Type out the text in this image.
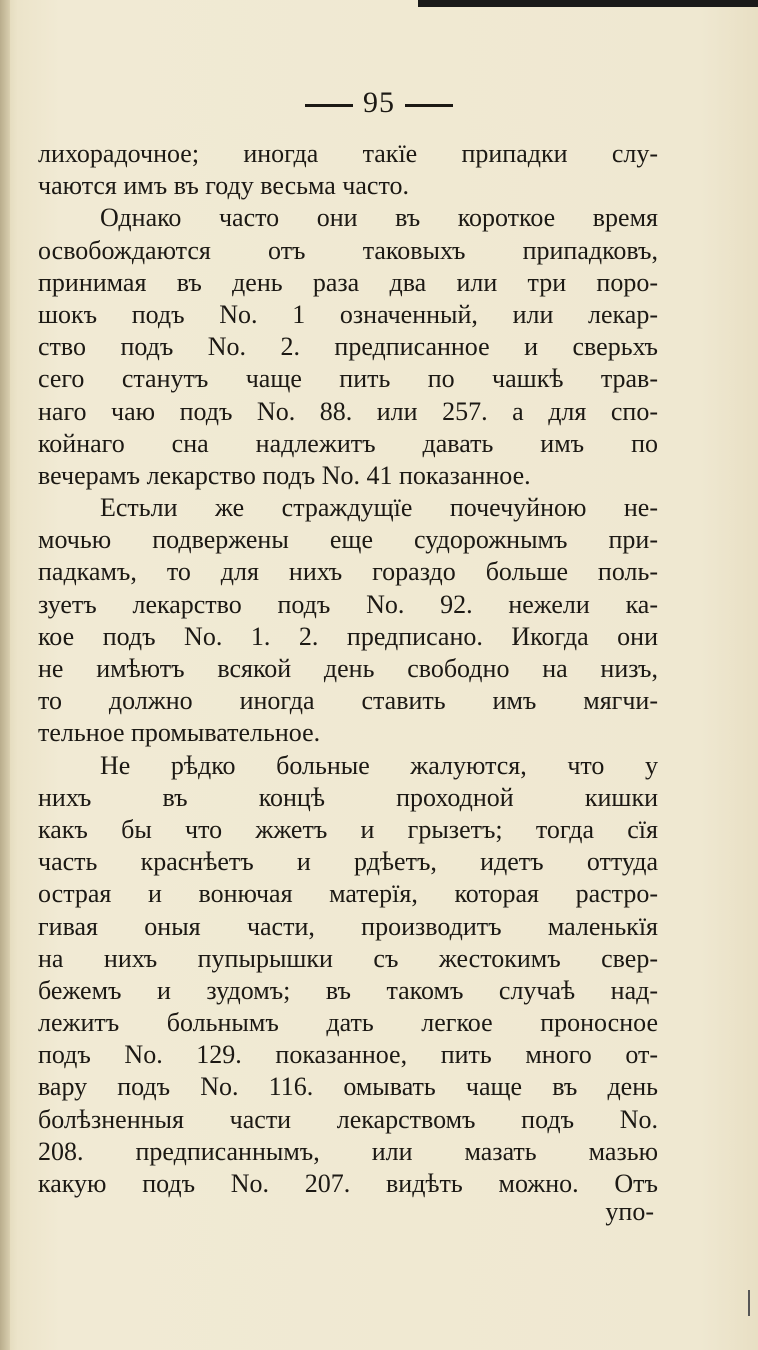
95
лихорадочное; иногда такїе припадки слу-
чаются имъ въ году весьма часто.
Однако часто они въ короткое время
освобождаются отъ таковыхъ припадковъ,
принимая въ день раза два или три поро-
шокъ подъ No. 1 означенный, или лекар-
ство подъ No. 2. предписанное и сверьхъ
сего станутъ чаще пить по чашкѣ трав-
наго чаю подъ No. 88. или 257. а для спо-
койнаго сна надлежитъ давать имъ по
вечерамъ лекарство подъ No. 41 показанное.
Естьли же страждущїе почечуйною не-
мочью подвержены еще судорожнымъ при-
падкамъ, то для нихъ гораздо больше поль-
зуетъ лекарство подъ No. 92. нежели ка-
кое подъ No. 1. 2. предписано. Икогда они
не имѣютъ всякой день свободно на низъ,
то должно иногда ставить имъ мягчи-
тельное промывательное.
Не рѣдко больные жалуются, что у
нихъ въ концѣ проходной кишки
какъ бы что жжетъ и грызетъ; тогда сїя
часть краснѣетъ и рдѣетъ, идетъ оттуда
острая и вонючая матерїя, которая растро-
гивая оныя части, производитъ маленькїя
на нихъ пупырышки съ жестокимъ свер-
бежемъ и зудомъ; въ такомъ случаѣ над-
лежитъ больнымъ дать легкое проносное
подъ No. 129. показанное, пить много от-
вару подъ No. 116. омывать чаще въ день
болѣзненныя части лекарствомъ подъ No.
208. предписаннымъ, или мазать мазью
какую подъ No. 207. видѣть можно. Отъ
упо-
